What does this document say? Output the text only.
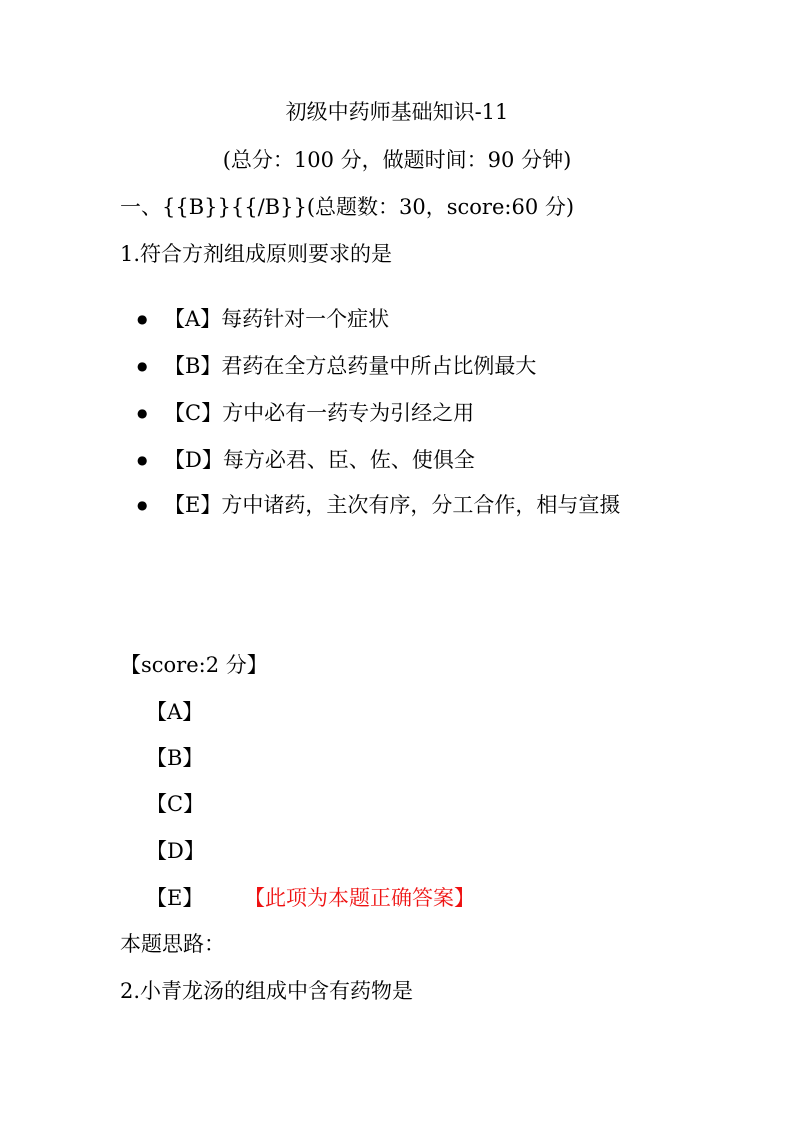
初级中药师基础知识-11
(总分：100 分，做题时间：90 分钟)
一、{{B}}{{/B}}(总题数：30，score:60 分)
1.符合方剂组成原则要求的是
● 【A】每药针对一个症状
● 【B】君药在全方总药量中所占比例最大
● 【C】方中必有一药专为引经之用
● 【D】每方必君、臣、佐、使俱全
● 【E】方中诸药，主次有序，分工合作，相与宣摄
【score:2 分】
【A】
【B】
【C】
【D】
【E】 【此项为本题正确答案】
本题思路：
2.小青龙汤的组成中含有药物是
